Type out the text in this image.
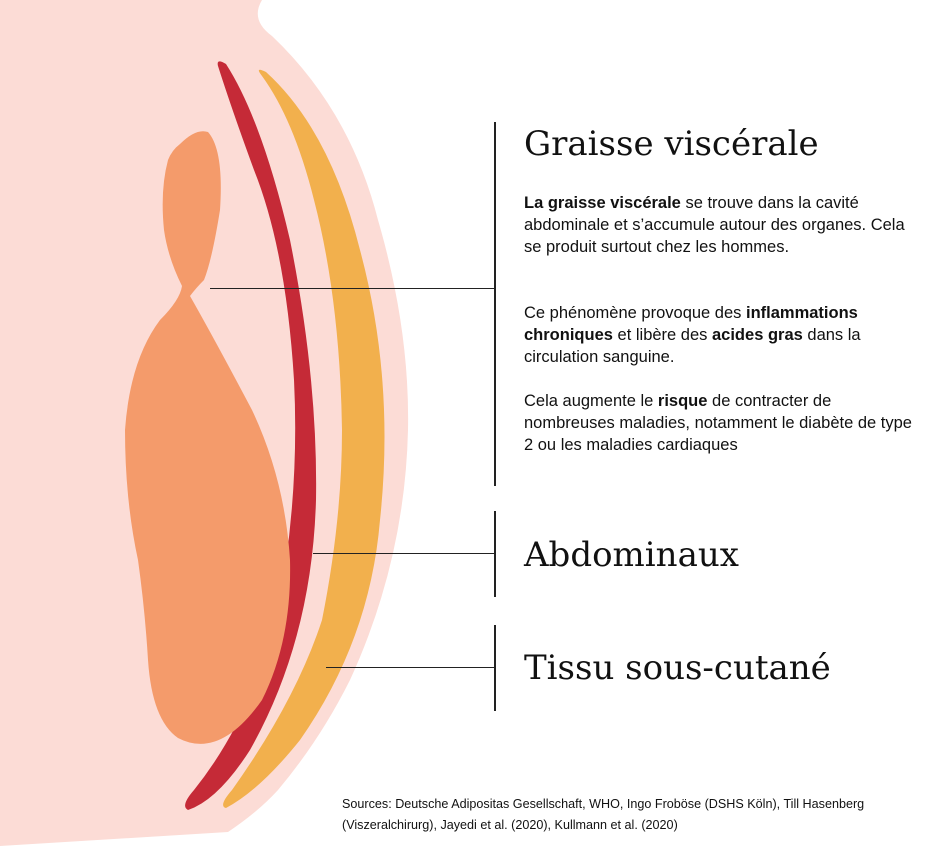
Graisse viscérale

La graisse viscérale se trouve dans la cavité abdominale et s’accumule autour des organes. Cela se produit surtout chez les hommes.

Ce phénomène provoque des inflammations chroniques et libère des acides gras dans la circulation sanguine.

Cela augmente le risque de contracter de nombreuses maladies, notamment le diabète de type 2 ou les maladies cardiaques

Abdominaux
Tissu sous-cutané

Sources: Deutsche Adipositas Gesellschaft, WHO, Ingo Froböse (DSHS Köln), Till Hasenberg (Viszeralchirurg), Jayedi et al. (2020), Kullmann et al. (2020)
